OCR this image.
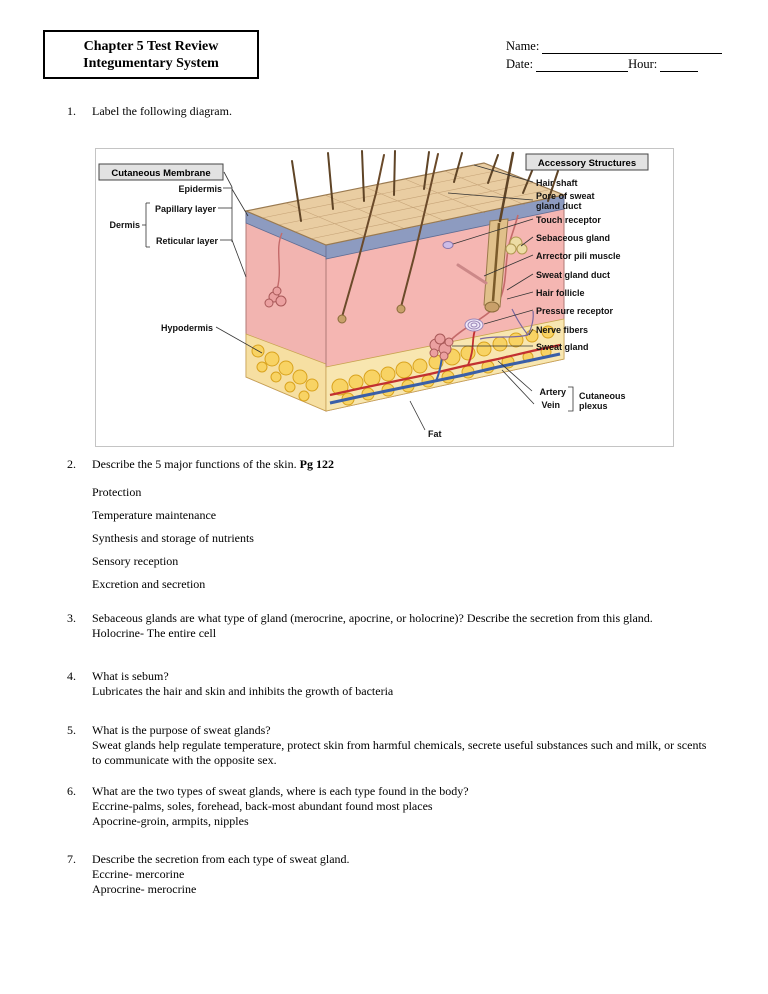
Chapter 5 Test Review
Integumentary System
Name:
Date:	Hour:
1.	Label the following diagram.
Cutaneous Membrane
Accessory Structures
Epidermis
Papillary layer
Dermis
Reticular layer
Hypodermis
Hair shaft
Pore of sweat
gland duct
Touch receptor
Sebaceous gland
Arrector pili muscle
Sweat gland duct
Hair follicle
Pressure receptor
Nerve fibers
Sweat gland
Artery
Vein
Cutaneous
plexus
Fat
2.	Describe the 5 major functions of the skin. Pg 122
Protection
Temperature maintenance
Synthesis and storage of nutrients
Sensory reception
Excretion and secretion
3.	Sebaceous glands are what type of gland (merocrine, apocrine, or holocrine)? Describe the secretion from this gland.
Holocrine- The entire cell
4.	What is sebum?
Lubricates the hair and skin and inhibits the growth of bacteria
5.	What is the purpose of sweat glands?
Sweat glands help regulate temperature, protect skin from harmful chemicals, secrete useful substances such and milk, or scents to communicate with the opposite sex.
6.	What are the two types of sweat glands, where is each type found in the body?
Eccrine-palms, soles, forehead, back-most abundant found most places
Apocrine-groin, armpits, nipples
7.	Describe the secretion from each type of sweat gland.
Eccrine- mercorine
Aprocrine- merocrine
